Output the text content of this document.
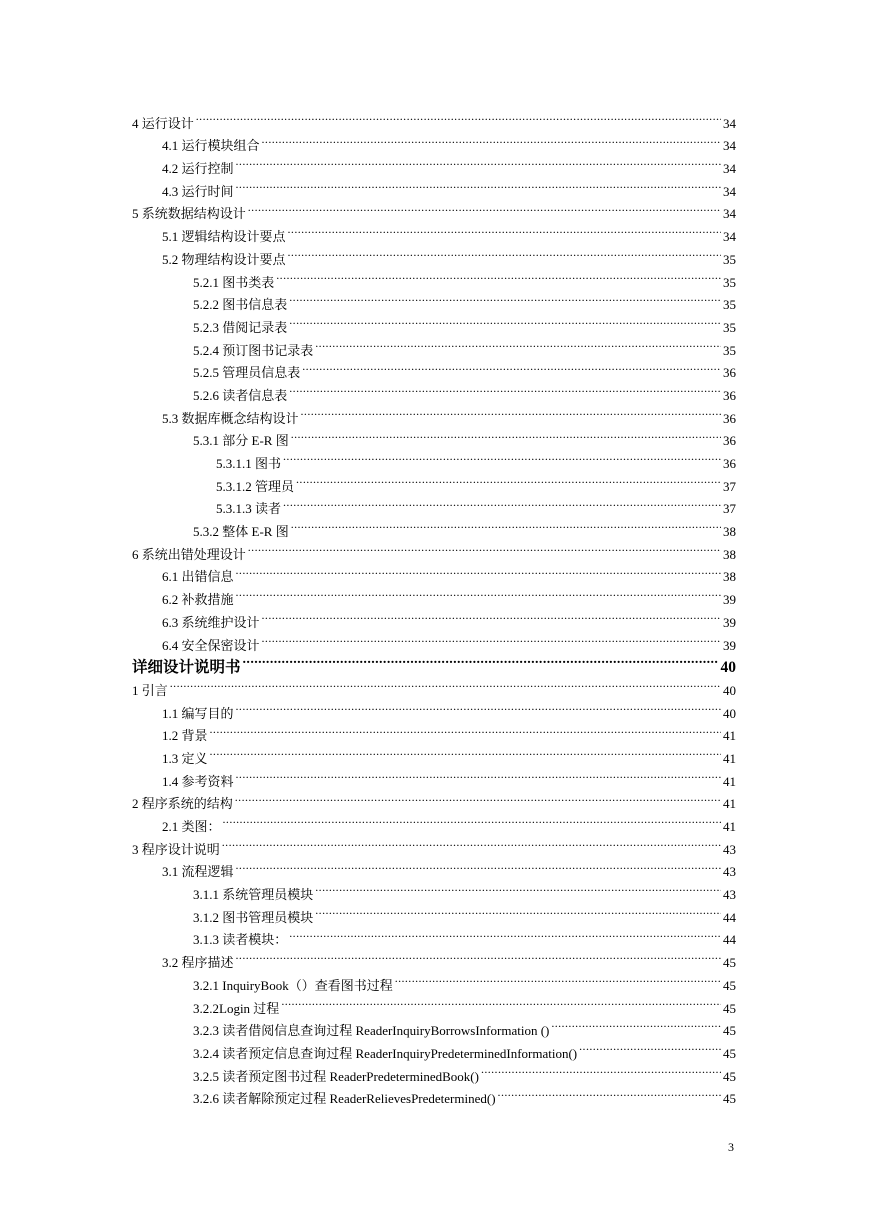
4 运行设计 .....	34
4.1 运行模块组合 .....	34
4.2 运行控制 .....	34
4.3 运行时间 .....	34
5 系统数据结构设计 .....	34
5.1 逻辑结构设计要点 .....	34
5.2 物理结构设计要点 .....	35
5.2.1 图书类表 .....	35
5.2.2 图书信息表 .....	35
5.2.3 借阅记录表 .....	35
5.2.4 预订图书记录表 .....	35
5.2.5 管理员信息表 .....	36
5.2.6 读者信息表 .....	36
5.3 数据库概念结构设计 .....	36
5.3.1 部分 E-R 图 .....	36
5.3.1.1 图书 .....	36
5.3.1.2 管理员 .....	37
5.3.1.3 读者 .....	37
5.3.2 整体 E-R 图 .....	38
6 系统出错处理设计 .....	38
6.1 出错信息 .....	38
6.2 补救措施 .....	39
6.3 系统维护设计 .....	39
6.4 安全保密设计 .....	39
详细设计说明书 .....	40
1 引言 .....	40
1.1 编写目的 .....	40
1.2 背景 .....	41
1.3 定义 .....	41
1.4 参考资料 .....	41
2 程序系统的结构 .....	41
2.1 类图： .....	41
3 程序设计说明 .....	43
3.1 流程逻辑 .....	43
3.1.1 系统管理员模块 .....	43
3.1.2 图书管理员模块 .....	44
3.1.3 读者模块： .....	44
3.2 程序描述 .....	45
3.2.1 InquiryBook（）查看图书过程 .....	45
3.2.2Login 过程 .....	45
3.2.3 读者借阅信息查询过程 ReaderInquiryBorrowsInformation () .....	45
3.2.4 读者预定信息查询过程 ReaderInquiryPredeterminedInformation() .....	45
3.2.5 读者预定图书过程 ReaderPredeterminedBook() .....	45
3.2.6 读者解除预定过程 ReaderRelievesPredetermined() .....	45
3
